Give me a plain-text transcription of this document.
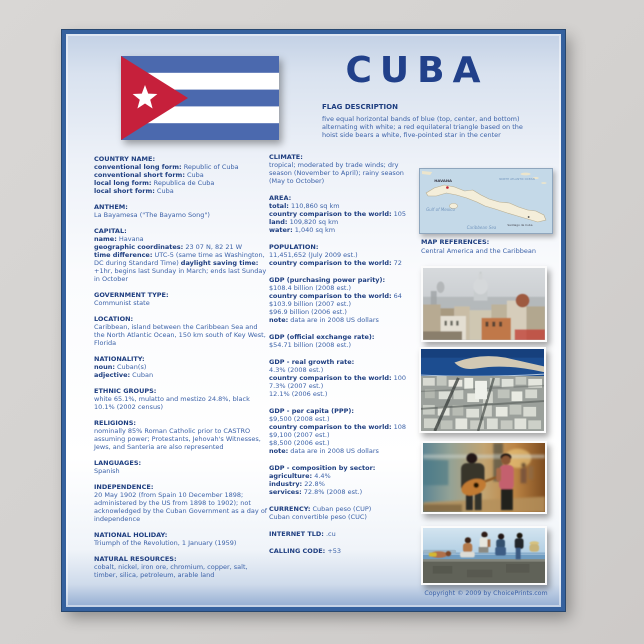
CUBA
FLAG DESCRIPTION
five equal horizontal bands of blue (top, center, and bottom) alternating with white; a red equilateral triangle based on the hoist side bears a white, five-pointed star in the center
COUNTRY NAME:
conventional long form: Republic of Cuba
conventional short form: Cuba
local long form: Republica de Cuba
local short form: Cuba
ANTHEM:
La Bayamesa ("The Bayamo Song")
CAPITAL:
name: Havana
geographic coordinates: 23 07 N, 82 21 W
time difference: UTC-5 (same time as Washington, DC during Standard Time) daylight saving time: +1hr, begins last Sunday in March; ends last Sunday in October
GOVERNMENT TYPE:
Communist state
LOCATION:
Caribbean, island between the Caribbean Sea and the North Atlantic Ocean, 150 km south of Key West, Florida
NATIONALITY:
noun: Cuban(s)
adjective: Cuban
ETHNIC GROUPS:
white 65.1%, mulatto and mestizo 24.8%, black 10.1% (2002 census)
RELIGIONS:
nominally 85% Roman Catholic prior to CASTRO assuming power; Protestants, Jehovah's Witnesses, Jews, and Santeria are also represented
LANGUAGES:
Spanish
INDEPENDENCE:
20 May 1902 (from Spain 10 December 1898; administered by the US from 1898 to 1902); not acknowledged by the Cuban Government as a day of independence
NATIONAL HOLIDAY:
Triumph of the Revolution, 1 January (1959)
NATURAL RESOURCES:
cobalt, nickel, iron ore, chromium, copper, salt, timber, silica, petroleum, arable land
CLIMATE:
tropical; moderated by trade winds; dry season (November to April); rainy season (May to October)
AREA:
total: 110,860 sq km
country comparison to the world: 105
land: 109,820 sq km
water: 1,040 sq km
POPULATION:
11,451,652 (July 2009 est.)
country comparison to the world: 72
GDP (purchasing power parity):
$108.4 billion (2008 est.)
country comparison to the world: 64
$103.9 billion (2007 est.)
$96.9 billion (2006 est.)
note: data are in 2008 US dollars
GDP (official exchange rate):
$54.71 billion (2008 est.)
GDP - real growth rate:
4.3% (2008 est.)
country comparison to the world: 100
7.3% (2007 est.)
12.1% (2006 est.)
GDP - per capita (PPP):
$9,500 (2008 est.)
country comparison to the world: 108
$9,100 (2007 est.)
$8,500 (2006 est.)
note: data are in 2008 US dollars
GDP - composition by sector:
agriculture: 4.4%
industry: 22.8%
services: 72.8% (2008 est.)
CURRENCY: Cuban peso (CUP)
Cuban convertible peso (CUC)
INTERNET TLD: .cu
CALLING CODE: +53
HAVANA
Santiago de Cuba
Gulf of Mexico
NORTH ATLANTIC OCEAN
Caribbean Sea
MAP REFERENCES:
Central America and the Caribbean
Copyright © 2009 by ChoicePrints.com
